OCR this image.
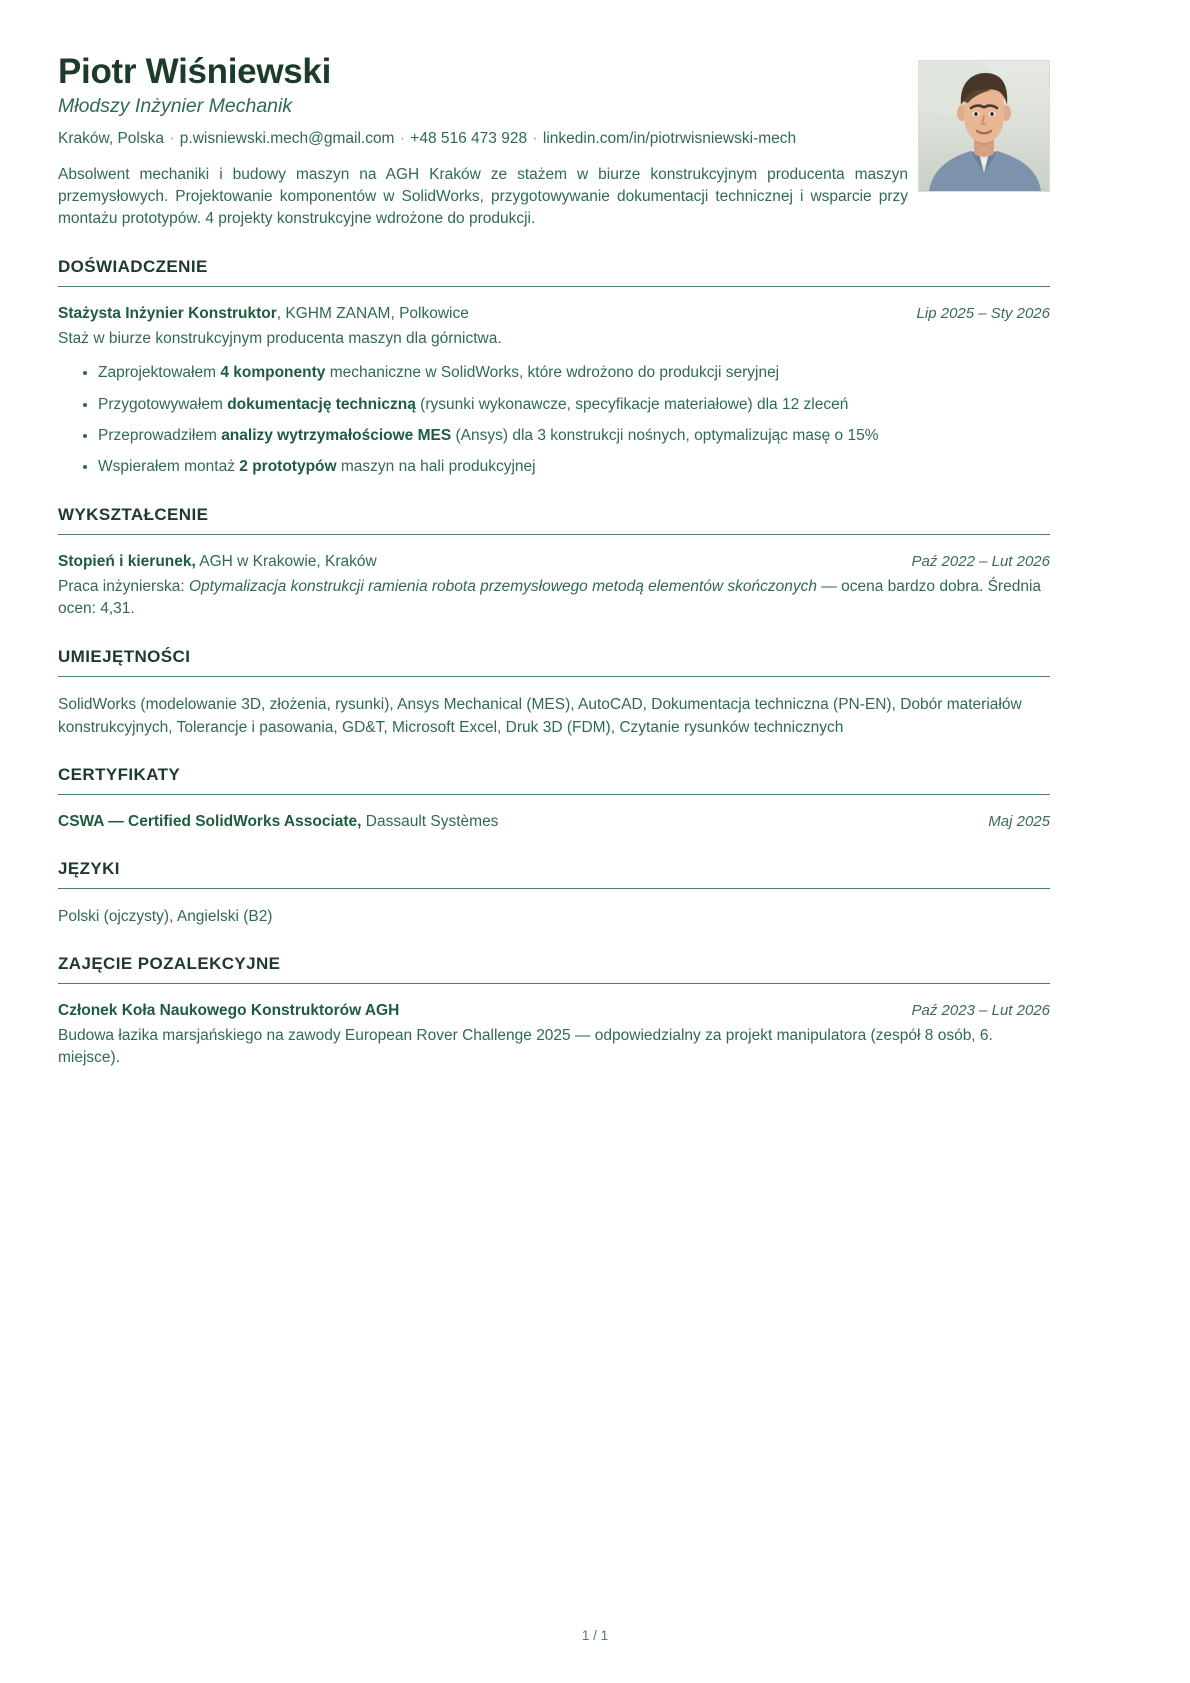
Piotr Wiśniewski
Młodszy Inżynier Mechanik
Kraków, Polska · p.wisniewski.mech@gmail.com · +48 516 473 928 · linkedin.com/in/piotrwisniewski-mech

Absolwent mechaniki i budowy maszyn na AGH Kraków ze stażem w biurze konstrukcyjnym producenta maszyn przemysłowych. Projektowanie komponentów w SolidWorks, przygotowywanie dokumentacji technicznej i wsparcie przy montażu prototypów. 4 projekty konstrukcyjne wdrożone do produkcji.

DOŚWIADCZENIE
Stażysta Inżynier Konstruktor, KGHM ZANAM, Polkowice	Lip 2025 – Sty 2026
Staż w biurze konstrukcyjnym producenta maszyn dla górnictwa.
Zaprojektowałem 4 komponenty mechaniczne w SolidWorks, które wdrożono do produkcji seryjnej
Przygotowywałem dokumentację techniczną (rysunki wykonawcze, specyfikacje materiałowe) dla 12 zleceń
Przeprowadziłem analizy wytrzymałościowe MES (Ansys) dla 3 konstrukcji nośnych, optymalizując masę o 15%
Wspierałem montaż 2 prototypów maszyn na hali produkcyjnej
WYKSZTAŁCENIE
Stopień i kierunek, AGH w Krakowie, Kraków	Paź 2022 – Lut 2026
Praca inżynierska: Optymalizacja konstrukcji ramienia robota przemysłowego metodą elementów skończonych — ocena bardzo dobra. Średnia ocen: 4,31.
UMIEJĘTNOŚCI
SolidWorks (modelowanie 3D, złożenia, rysunki), Ansys Mechanical (MES), AutoCAD, Dokumentacja techniczna (PN-EN), Dobór materiałów konstrukcyjnych, Tolerancje i pasowania, GD&T, Microsoft Excel, Druk 3D (FDM), Czytanie rysunków technicznych
CERTYFIKATY
CSWA — Certified SolidWorks Associate, Dassault Systèmes	Maj 2025
JĘZYKI
Polski (ojczysty), Angielski (B2)
ZAJĘCIE POZALEKCYJNE
Członek Koła Naukowego Konstruktorów AGH	Paź 2023 – Lut 2026
Budowa łazika marsjańskiego na zawody European Rover Challenge 2025 — odpowiedzialny za projekt manipulatora (zespół 8 osób, 6. miejsce).
1 / 1
